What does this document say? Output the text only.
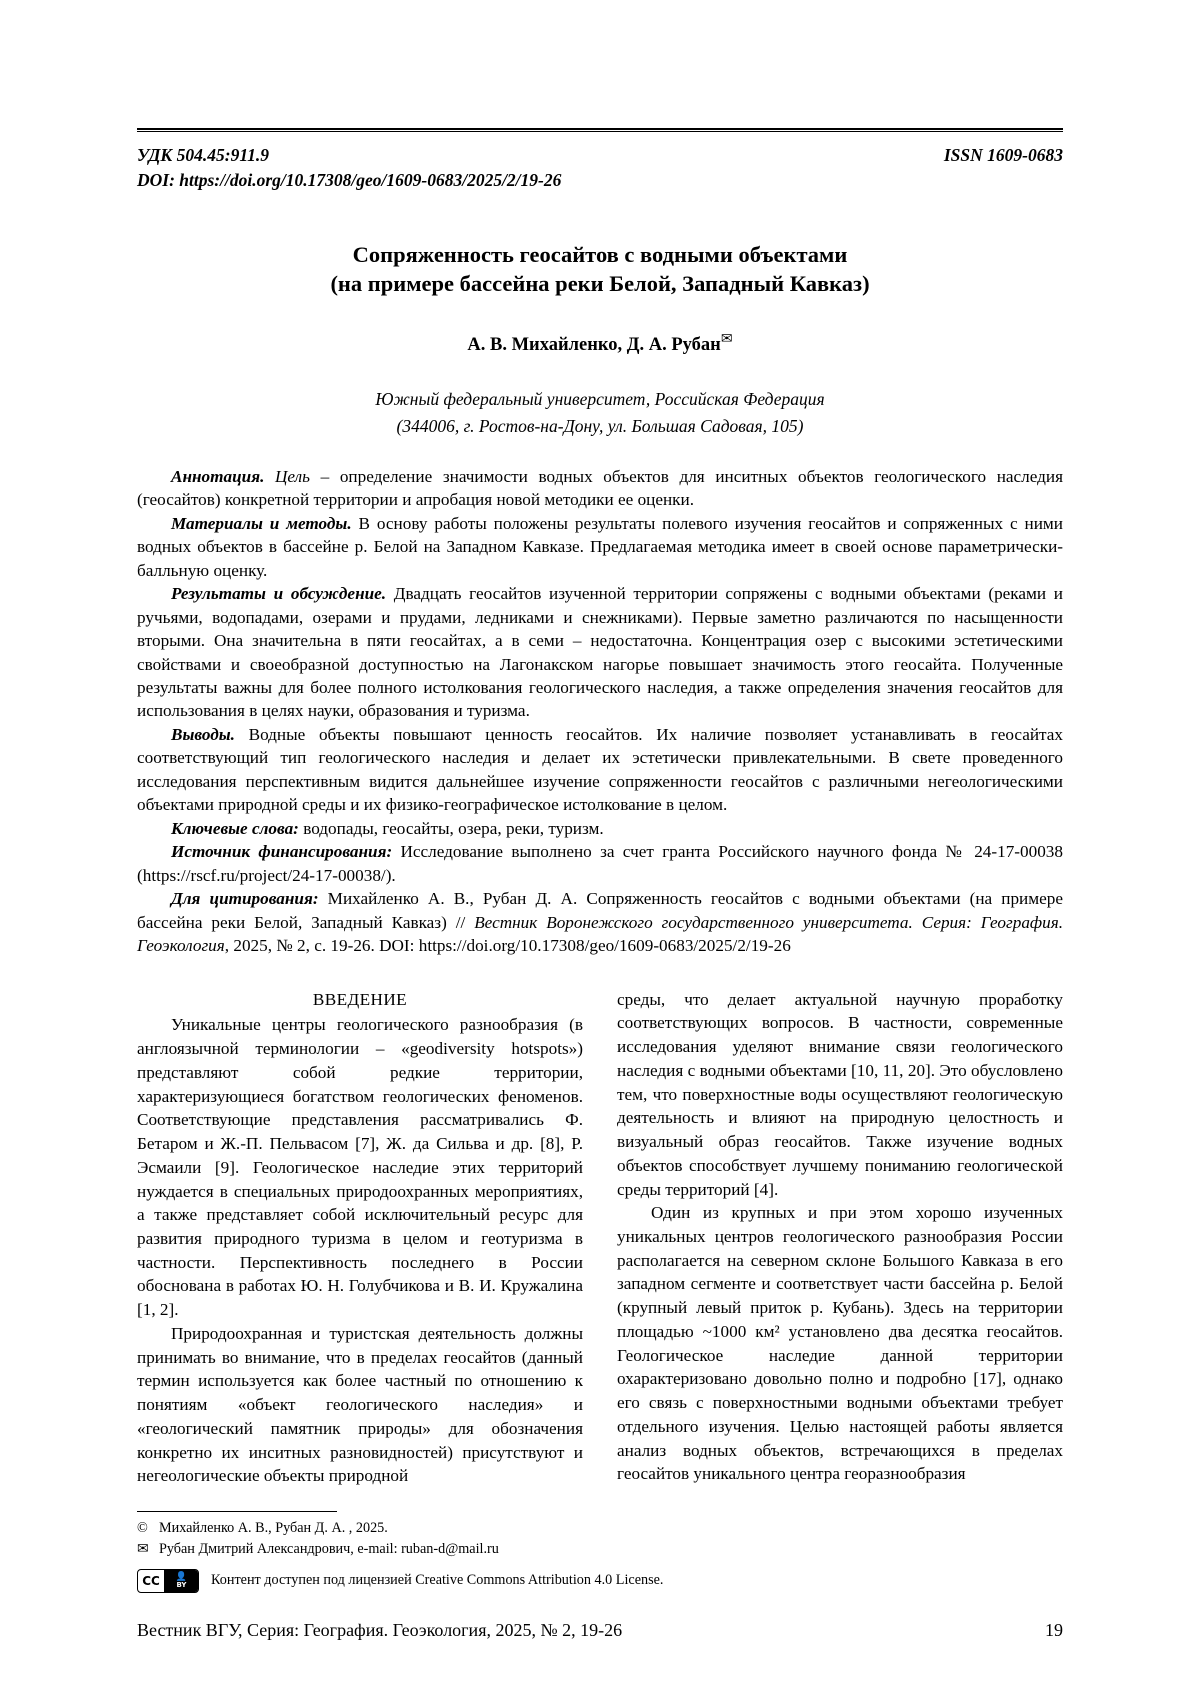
УДК 504.45:911.9
DOI: https://doi.org/10.17308/geo/1609-0683/2025/2/19-26
ISSN 1609-0683
Сопряженность геосайтов с водными объектами
(на примере бассейна реки Белой, Западный Кавказ)
А. В. Михайленко, Д. А. Рубан✉
Южный федеральный университет, Российская Федерация
(344006, г. Ростов-на-Дону, ул. Большая Садовая, 105)

Аннотация. Цель – определение значимости водных объектов для инситных объектов геологического наследия (геосайтов) конкретной территории и апробация новой методики ее оценки.

Материалы и методы. В основу работы положены результаты полевого изучения геосайтов и сопряженных с ними водных объектов в бассейне р. Белой на Западном Кавказе. Предлагаемая методика имеет в своей основе параметрически-балльную оценку.

Результаты и обсуждение. Двадцать геосайтов изученной территории сопряжены с водными объектами (реками и ручьями, водопадами, озерами и прудами, ледниками и снежниками). Первые заметно различаются по насыщенности вторыми. Она значительна в пяти геосайтах, а в семи – недостаточна. Концентрация озер с высокими эстетическими свойствами и своеобразной доступностью на Лагонакском нагорье повышает значимость этого геосайта. Полученные результаты важны для более полного истолкования геологического наследия, а также определения значения геосайтов для использования в целях науки, образования и туризма.

Выводы. Водные объекты повышают ценность геосайтов. Их наличие позволяет устанавливать в геосайтах соответствующий тип геологического наследия и делает их эстетически привлекательными. В свете проведенного исследования перспективным видится дальнейшее изучение сопряженности геосайтов с различными негеологическими объектами природной среды и их физико-географическое истолкование в целом.

Ключевые слова: водопады, геосайты, озера, реки, туризм.

Источник финансирования: Исследование выполнено за счет гранта Российского научного фонда № 24-17-00038 (https://rscf.ru/project/24-17-00038/).

Для цитирования: Михайленко А. В., Рубан Д. А. Сопряженность геосайтов с водными объектами (на примере бассейна реки Белой, Западный Кавказ) // Вестник Воронежского государственного университета. Серия: География. Геоэкология, 2025, № 2, с. 19-26. DOI: https://doi.org/10.17308/geo/1609-0683/2025/2/19-26

ВВЕДЕНИЕ

Уникальные центры геологического разнообразия (в англоязычной терминологии – «geodiversity hotspots») представляют собой редкие территории, характеризующиеся богатством геологических феноменов. Соответствующие представления рассматривались Ф. Бетаром и Ж.-П. Пельвасом [7], Ж. да Сильва и др. [8], Р. Эсмаили [9]. Геологическое наследие этих территорий нуждается в специальных природоохранных мероприятиях, а также представляет собой исключительный ресурс для развития природного туризма в целом и геотуризма в частности. Перспективность последнего в России обоснована в работах Ю. Н. Голубчикова и В. И. Кружалина [1, 2].

Природоохранная и туристская деятельность должны принимать во внимание, что в пределах геосайтов (данный термин используется как более частный по отношению к понятиям «объект геологического наследия» и «геологический памятник природы» для обозначения конкретно их инситных разновидностей) присутствуют и негеологические объекты природной

среды, что делает актуальной научную проработку соответствующих вопросов. В частности, современные исследования уделяют внимание связи геологического наследия с водными объектами [10, 11, 20]. Это обусловлено тем, что поверхностные воды осуществляют геологическую деятельность и влияют на природную целостность и визуальный образ геосайтов. Также изучение водных объектов способствует лучшему пониманию геологической среды территорий [4].

Один из крупных и при этом хорошо изученных уникальных центров геологического разнообразия России располагается на северном склоне Большого Кавказа в его западном сегменте и соответствует части бассейна р. Белой (крупный левый приток р. Кубань). Здесь на территории площадью ~1000 км² установлено два десятка геосайтов. Геологическое наследие данной территории охарактеризовано довольно полно и подробно [17], однако его связь с поверхностными водными объектами требует отдельного изучения. Целью настоящей работы является анализ водных объектов, встречающихся в пределах геосайтов уникального центра георазнообразия

© Михайленко А. В., Рубан Д. А. , 2025.
✉ Рубан Дмитрий Александрович, e-mail: ruban-d@mail.ru
CC	👤
BY Контент доступен под лицензией Creative Commons Attribution 4.0 License.
Вестник ВГУ, Серия: География. Геоэкология, 2025, № 2, 19-26	19
